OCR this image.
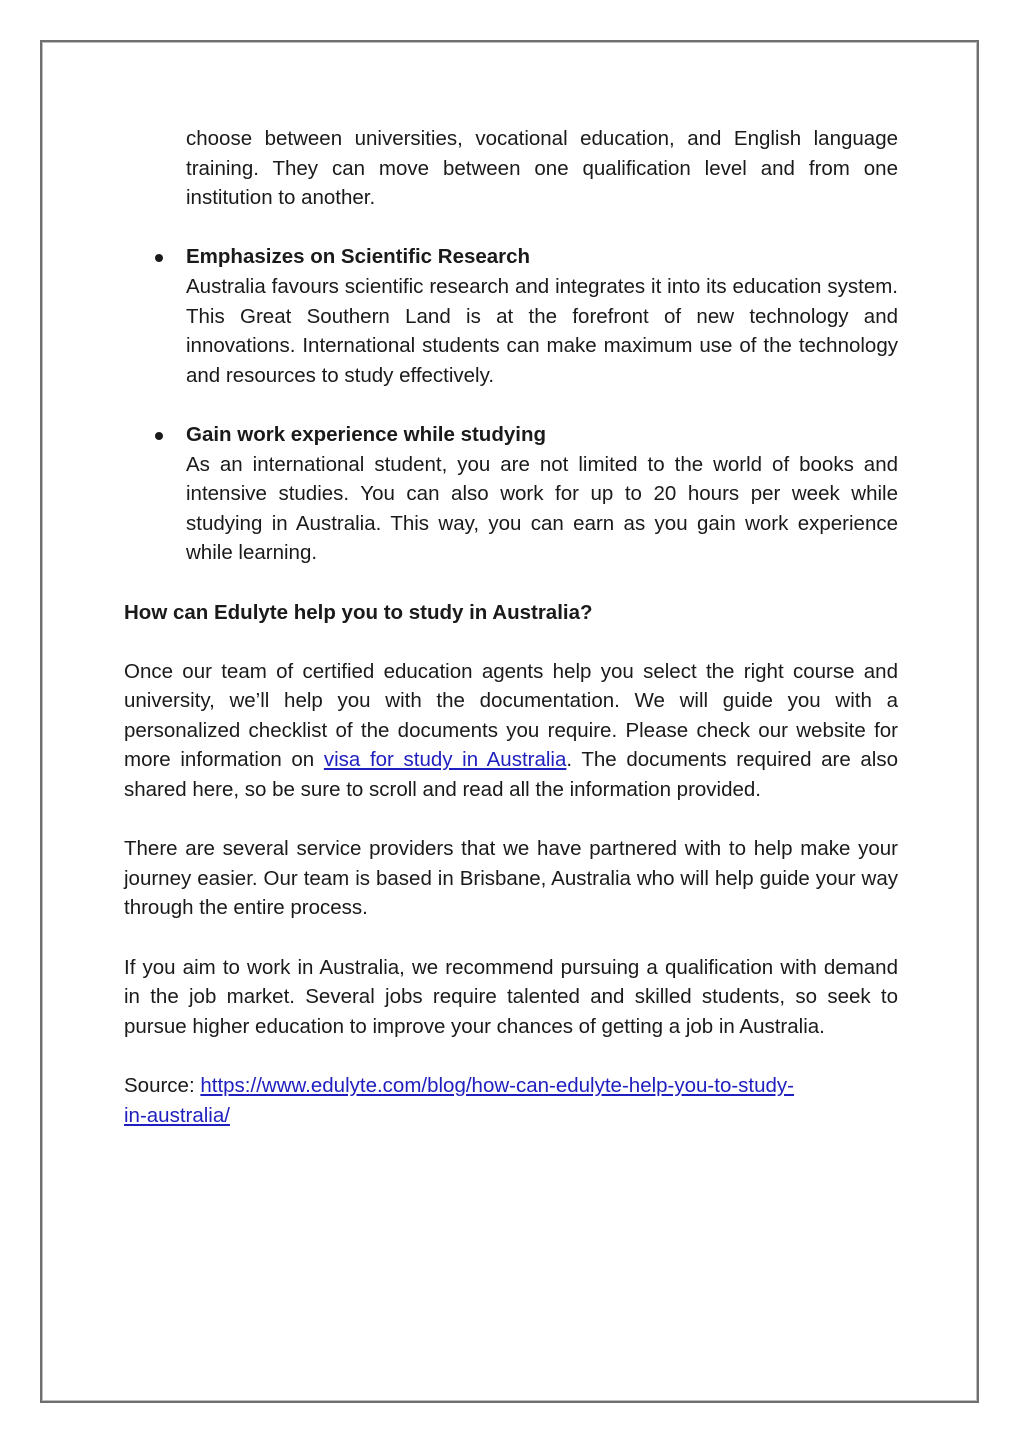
choose between universities, vocational education, and English language training. They can move between one qualification level and from one institution to another.

Emphasizes on Scientific Research

Australia favours scientific research and integrates it into its education system. This Great Southern Land is at the forefront of new technology and innovations. International students can make maximum use of the technology and resources to study effectively.

Gain work experience while studying

As an international student, you are not limited to the world of books and intensive studies. You can also work for up to 20 hours per week while studying in Australia. This way, you can earn as you gain work experience while learning.

How can Edulyte help you to study in Australia?

Once our team of certified education agents help you select the right course and university, we’ll help you with the documentation. We will guide you with a personalized checklist of the documents you require. Please check our website for more information on visa for study in Australia. The documents required are also shared here, so be sure to scroll and read all the information provided.

There are several service providers that we have partnered with to help make your journey easier. Our team is based in Brisbane, Australia who will help guide your way through the entire process.

If you aim to work in Australia, we recommend pursuing a qualification with demand in the job market. Several jobs require talented and skilled students, so seek to pursue higher education to improve your chances of getting a job in Australia.

Source: https://www.edulyte.com/blog/how-can-edulyte-help-you-to-study-
in-australia/
